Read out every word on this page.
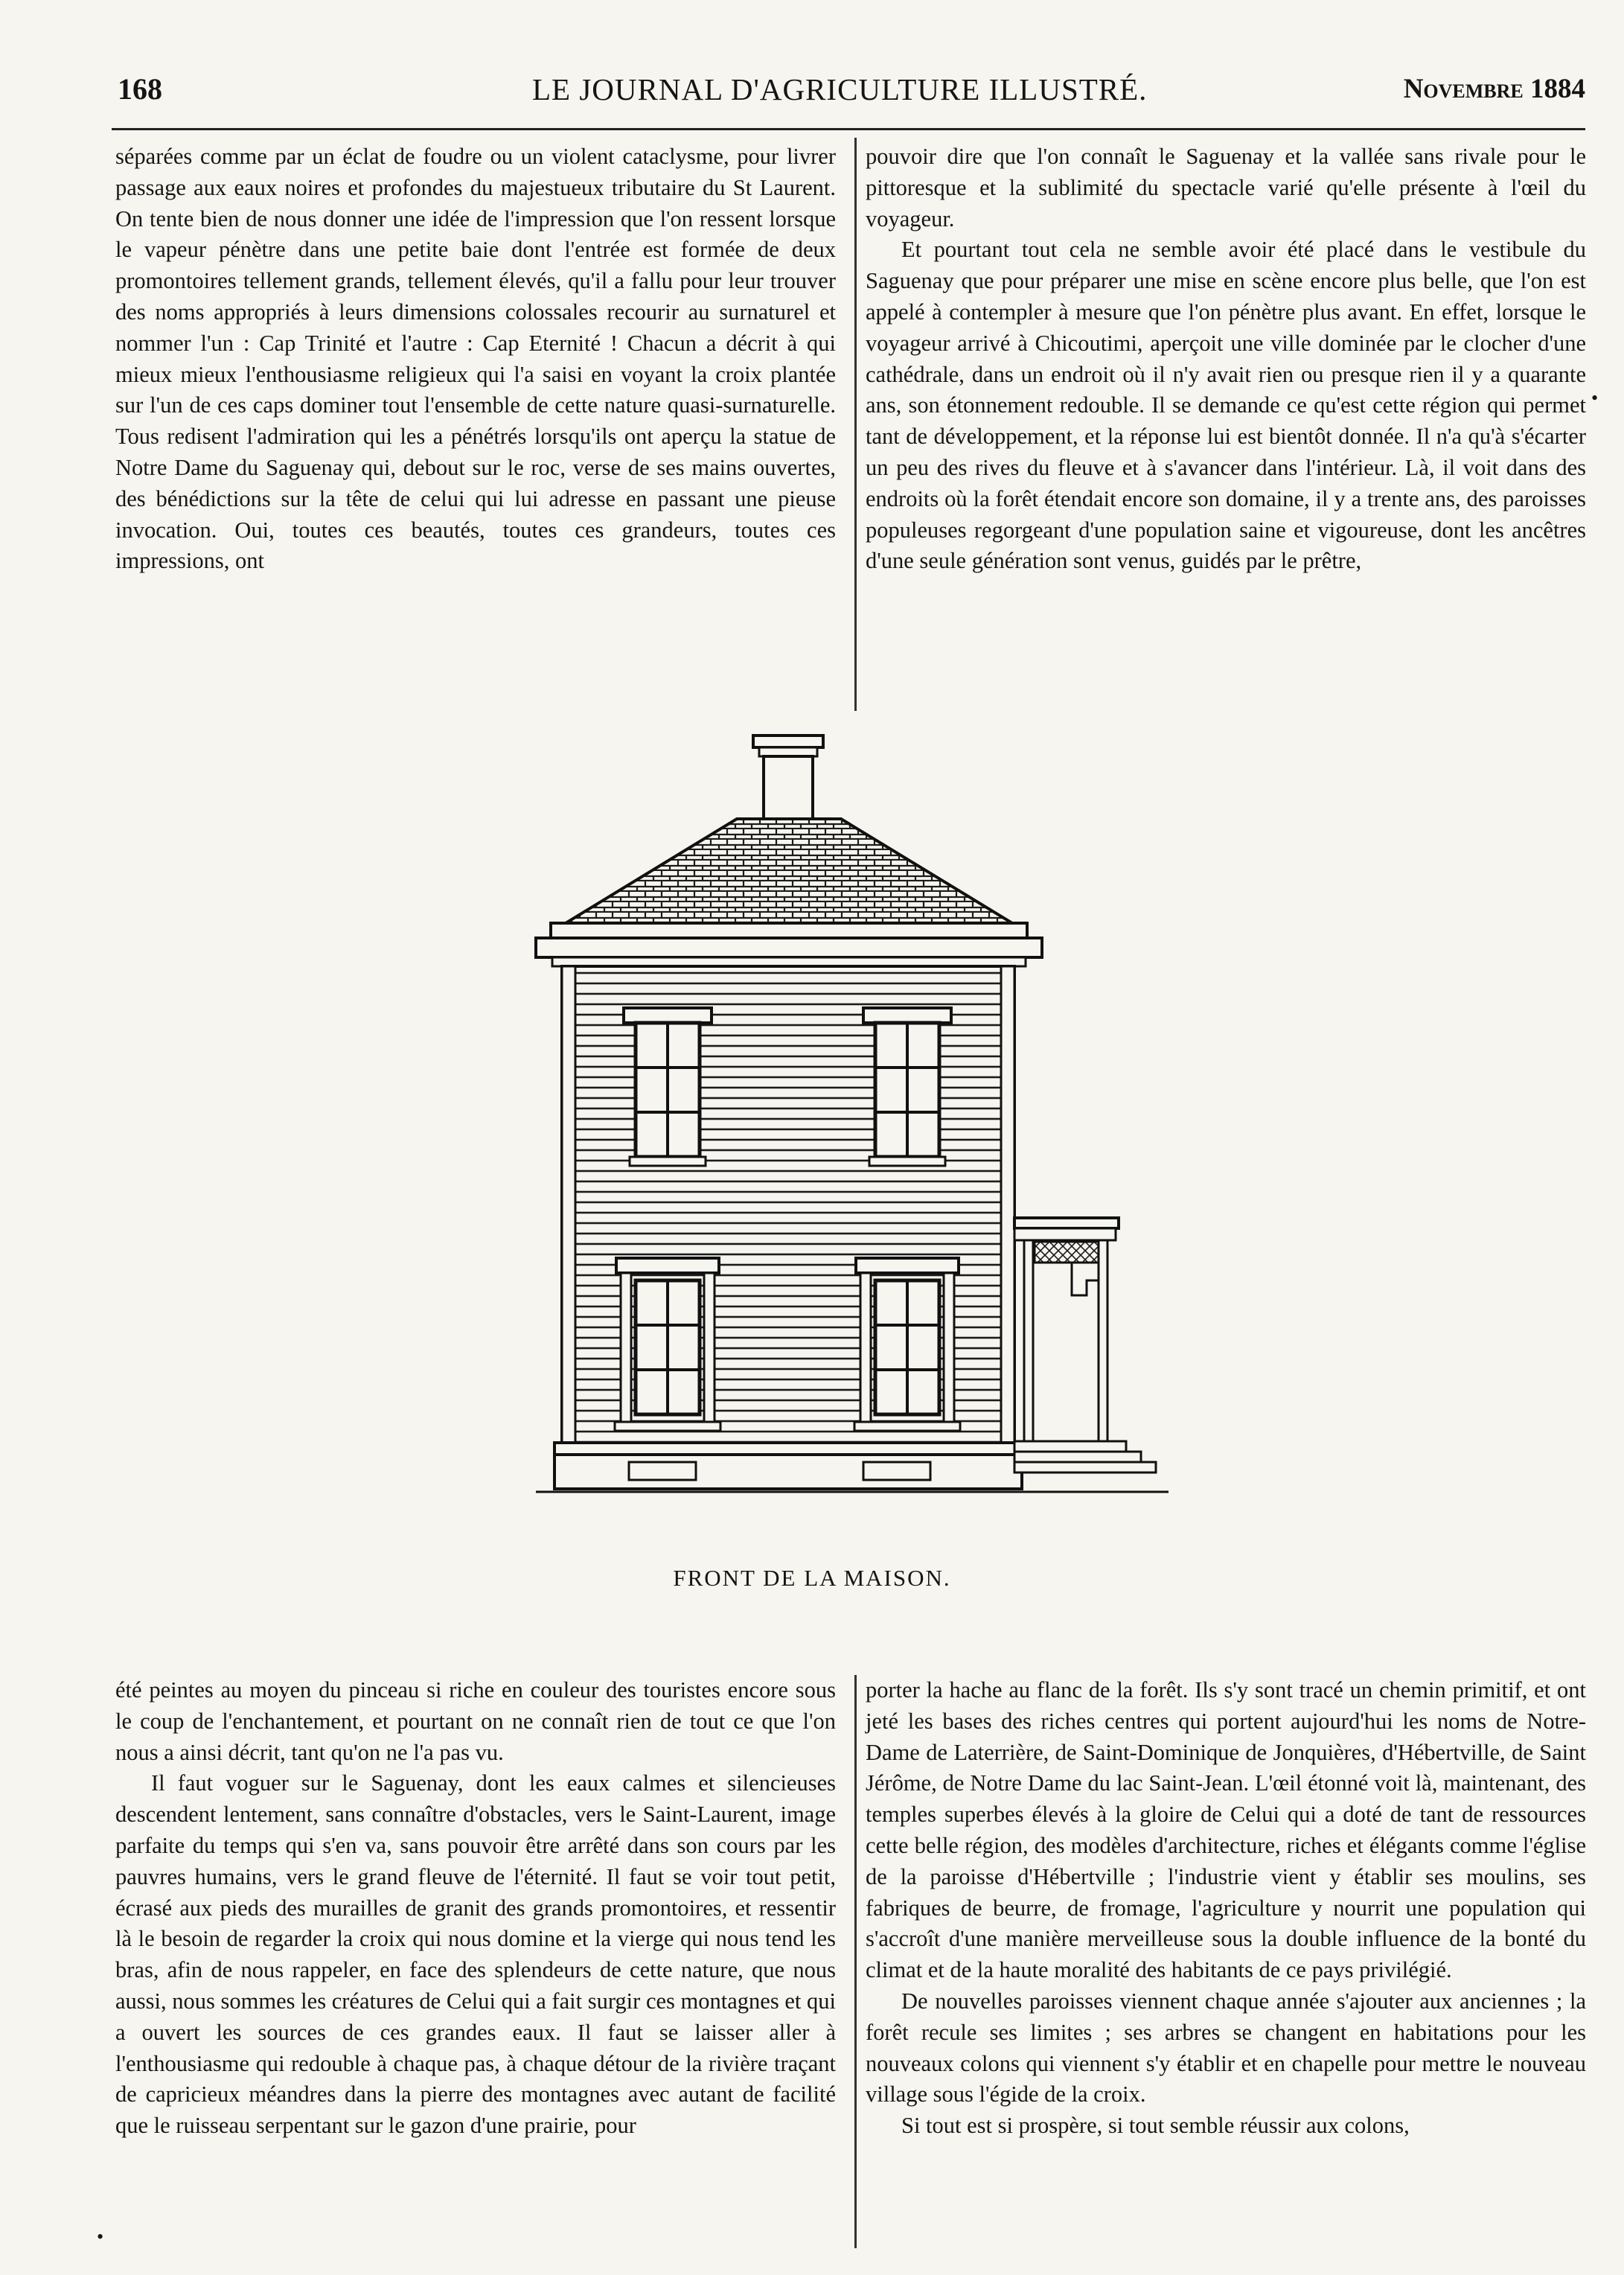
168	LE JOURNAL D'AGRICULTURE ILLUSTRÉ.	Novembre 1884

séparées comme par un éclat de foudre ou un violent cataclysme, pour livrer passage aux eaux noires et profondes du majestueux tributaire du St Laurent. On tente bien de nous donner une idée de l'impression que l'on ressent lorsque le vapeur pénètre dans une petite baie dont l'entrée est formée de deux promontoires tellement grands, tellement élevés, qu'il a fallu pour leur trouver des noms appropriés à leurs dimensions colossales recourir au surnaturel et nommer l'un : Cap Trinité et l'autre : Cap Eternité ! Chacun a décrit à qui mieux mieux l'enthousiasme religieux qui l'a saisi en voyant la croix plantée sur l'un de ces caps dominer tout l'ensemble de cette nature quasi-surnaturelle. Tous redisent l'admiration qui les a pénétrés lorsqu'ils ont aperçu la statue de Notre Dame du Saguenay qui, debout sur le roc, verse de ses mains ouvertes, des bénédictions sur la tête de celui qui lui adresse en passant une pieuse invocation. Oui, toutes ces beautés, toutes ces grandeurs, toutes ces impressions, ont

pouvoir dire que l'on connaît le Saguenay et la vallée sans rivale pour le pittoresque et la sublimité du spectacle varié qu'elle présente à l'œil du voyageur.

Et pourtant tout cela ne semble avoir été placé dans le vestibule du Saguenay que pour préparer une mise en scène encore plus belle, que l'on est appelé à contempler à mesure que l'on pénètre plus avant. En effet, lorsque le voyageur arrivé à Chicoutimi, aperçoit une ville dominée par le clocher d'une cathédrale, dans un endroit où il n'y avait rien ou presque rien il y a quarante ans, son étonnement redouble. Il se demande ce qu'est cette région qui permet tant de développement, et la réponse lui est bientôt donnée. Il n'a qu'à s'écarter un peu des rives du fleuve et à s'avancer dans l'intérieur. Là, il voit dans des endroits où la forêt étendait encore son domaine, il y a trente ans, des paroisses populeuses regorgeant d'une population saine et vigoureuse, dont les ancêtres d'une seule génération sont venus, guidés par le prêtre,

FRONT DE LA MAISON.

été peintes au moyen du pinceau si riche en couleur des touristes encore sous le coup de l'enchantement, et pourtant on ne connaît rien de tout ce que l'on nous a ainsi décrit, tant qu'on ne l'a pas vu.

Il faut voguer sur le Saguenay, dont les eaux calmes et silencieuses descendent lentement, sans connaître d'obstacles, vers le Saint-Laurent, image parfaite du temps qui s'en va, sans pouvoir être arrêté dans son cours par les pauvres humains, vers le grand fleuve de l'éternité. Il faut se voir tout petit, écrasé aux pieds des murailles de granit des grands promontoires, et ressentir là le besoin de regarder la croix qui nous domine et la vierge qui nous tend les bras, afin de nous rappeler, en face des splendeurs de cette nature, que nous aussi, nous sommes les créatures de Celui qui a fait surgir ces montagnes et qui a ouvert les sources de ces grandes eaux. Il faut se laisser aller à l'enthousiasme qui redouble à chaque pas, à chaque détour de la rivière traçant de capricieux méandres dans la pierre des montagnes avec autant de facilité que le ruisseau serpentant sur le gazon d'une prairie, pour

porter la hache au flanc de la forêt. Ils s'y sont tracé un chemin primitif, et ont jeté les bases des riches centres qui portent aujourd'hui les noms de Notre-Dame de Laterrière, de Saint-Dominique de Jonquières, d'Hébertville, de Saint Jérôme, de Notre Dame du lac Saint-Jean. L'œil étonné voit là, maintenant, des temples superbes élevés à la gloire de Celui qui a doté de tant de ressources cette belle région, des modèles d'architecture, riches et élégants comme l'église de la paroisse d'Hébertville ; l'industrie vient y établir ses moulins, ses fabriques de beurre, de fromage, l'agriculture y nourrit une population qui s'accroît d'une manière merveilleuse sous la double influence de la bonté du climat et de la haute moralité des habitants de ce pays privilégié.

De nouvelles paroisses viennent chaque année s'ajouter aux anciennes ; la forêt recule ses limites ; ses arbres se changent en habitations pour les nouveaux colons qui viennent s'y établir et en chapelle pour mettre le nouveau village sous l'égide de la croix.

Si tout est si prospère, si tout semble réussir aux colons,

•
•
